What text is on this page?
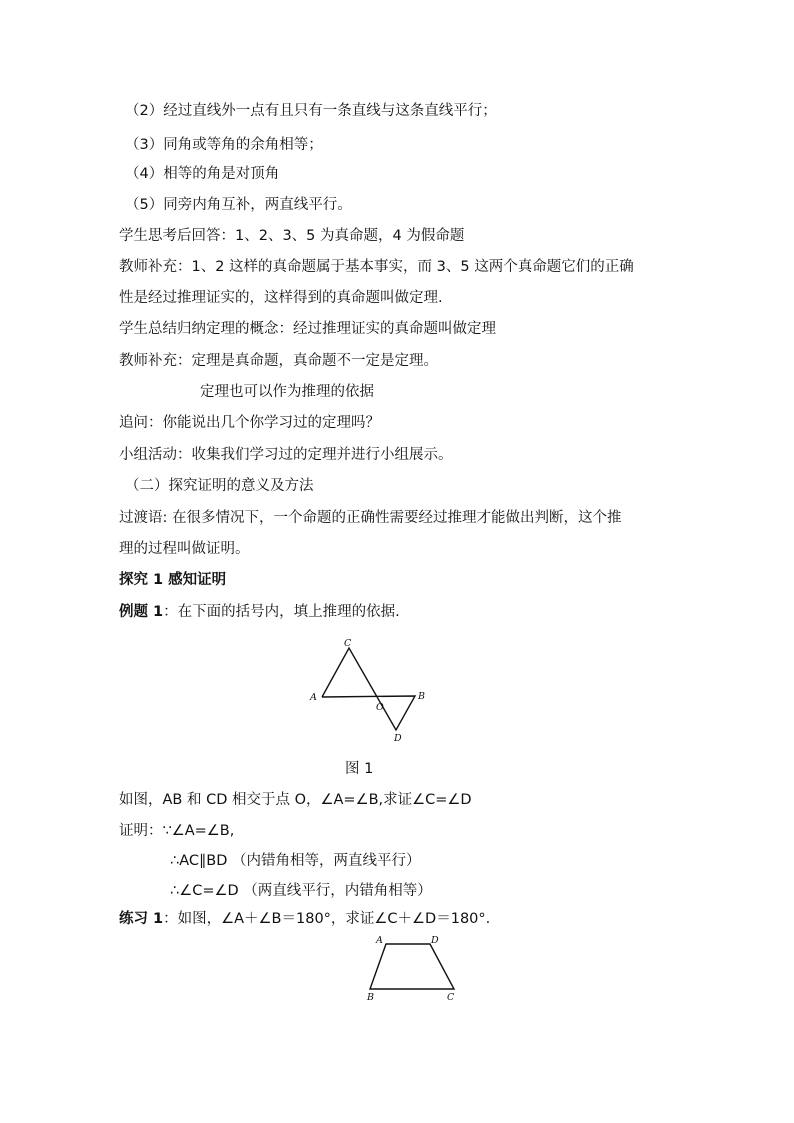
（2）经过直线外一点有且只有一条直线与这条直线平行；
（3）同角或等角的余角相等；
（4）相等的角是对顶角
（5）同旁内角互补，两直线平行。
学生思考后回答：1、2、3、5 为真命题，4 为假命题
教师补充：1、2 这样的真命题属于基本事实，而 3、5 这两个真命题它们的正确
性是经过推理证实的，这样得到的真命题叫做定理.
学生总结归纳定理的概念：经过推理证实的真命题叫做定理
教师补充：定理是真命题，真命题不一定是定理。
定理也可以作为推理的依据
追问：你能说出几个你学习过的定理吗？
小组活动：收集我们学习过的定理并进行小组展示。
（二）探究证明的意义及方法
过渡语: 在很多情况下，一个命题的正确性需要经过推理才能做出判断，这个推
理的过程叫做证明。
探究 1 感知证明
例题 1：在下面的括号内，填上推理的依据.
C
A	B
O
D
图 1
如图，AB 和 CD 相交于点 O，∠A=∠B,求证∠C=∠D
证明：∵∠A=∠B,
∴AC∥BD （内错角相等，两直线平行）
∴∠C=∠D （两直线平行，内错角相等）
练习 1：如图，∠A＋∠B＝180°，求证∠C＋∠D＝180°.
A	D
B	C
